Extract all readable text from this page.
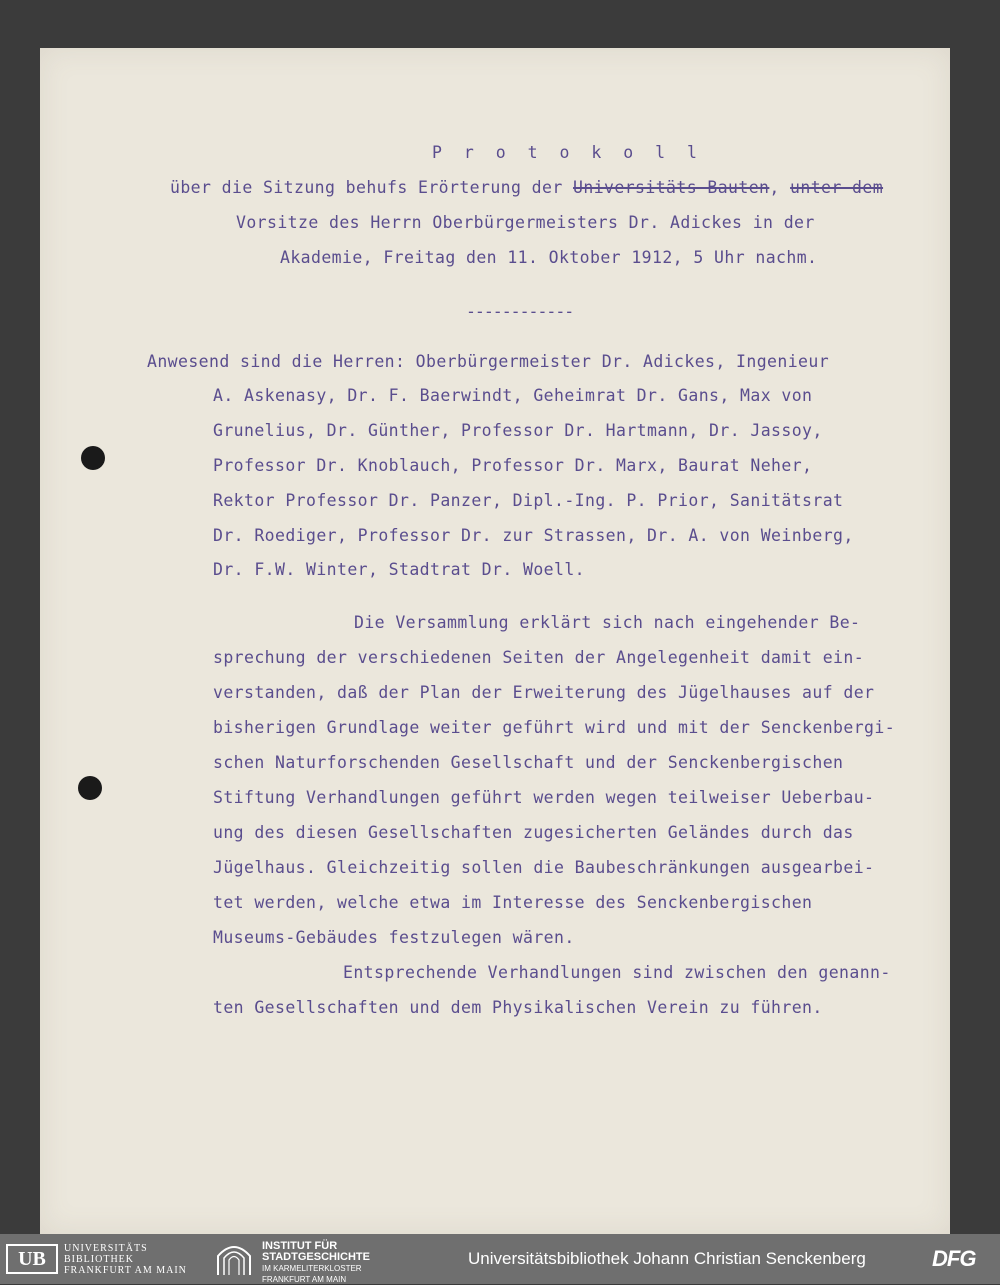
P r o t o k o l l

über die Sitzung behufs Erörterung der Universitäts-Bauten, unter dem

Vorsitze des Herrn Oberbürgermeisters Dr. Adickes in der

Akademie, Freitag den 11. Oktober 1912, 5 Uhr nachm.

------------

Anwesend sind die Herren: Oberbürgermeister Dr. Adickes, Ingenieur

A. Askenasy, Dr. F. Baerwindt, Geheimrat Dr. Gans, Max von

Grunelius, Dr. Günther, Professor Dr. Hartmann, Dr. Jassoy,

Professor Dr. Knoblauch, Professor Dr. Marx, Baurat Neher,

Rektor Professor Dr. Panzer, Dipl.-Ing. P. Prior, Sanitätsrat

Dr. Roediger, Professor Dr. zur Strassen, Dr. A. von Weinberg,

Dr. F.W. Winter, Stadtrat Dr. Woell.

Die Versammlung erklärt sich nach eingehender Be-

sprechung der verschiedenen Seiten der Angelegenheit damit ein-

verstanden, daß der Plan der Erweiterung des Jügelhauses auf der

bisherigen Grundlage weiter geführt wird und mit der Senckenbergi-

schen Naturforschenden Gesellschaft und der Senckenbergischen

Stiftung Verhandlungen geführt werden wegen teilweiser Ueberbau-

ung des diesen Gesellschaften zugesicherten Geländes durch das

Jügelhaus. Gleichzeitig sollen die Baubeschränkungen ausgearbei-

tet werden, welche etwa im Interesse des Senckenbergischen

Museums-Gebäudes festzulegen wären.

Entsprechende Verhandlungen sind zwischen den genann-

ten Gesellschaften und dem Physikalischen Verein zu führen.

UB	UNIVERSITÄTS
BIBLIOTHEK
FRANKFURT AM MAIN
INSTITUT FÜR
STADTGESCHICHTE
IM KARMELITERKLOSTER
FRANKFURT AM MAIN
Universitätsbibliothek Johann Christian Senckenberg	DFG
